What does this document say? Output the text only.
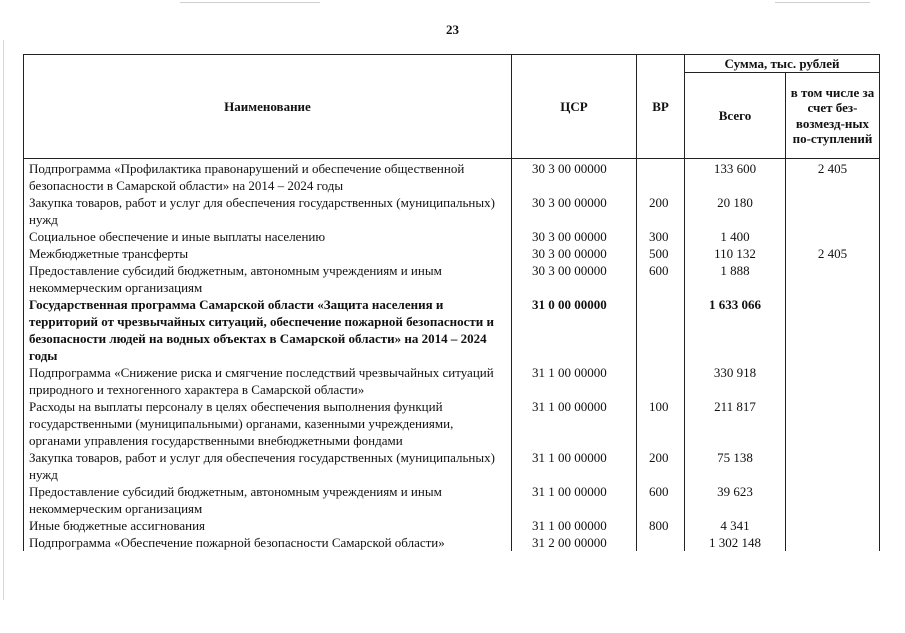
23
Наименование	ЦСР	ВР	Сумма, тыс. рублей	
			Всего	в том числе за счет без-возмезд-ных по-ступлений
Подпрограмма «Профилактика правонарушений и обеспечение общественной безопасности в Самарской области» на 2014 – 2024 годы	30 3 00 00000		133 600	2 405
Закупка товаров, работ и услуг для обеспечения государственных (муниципальных) нужд	30 3 00 00000	200	20 180	
Социальное обеспечение и иные выплаты населению	30 3 00 00000	300	1 400	
Межбюджетные трансферты	30 3 00 00000	500	110 132	2 405
Предоставление субсидий бюджетным, автономным учреждениям и иным некоммерческим организациям	30 3 00 00000	600	1 888	
Государственная программа Самарской области «Защита населения и территорий от чрезвычайных ситуаций, обеспечение пожарной безопасности и безопасности людей на водных объектах в Самарской области» на 2014 – 2024 годы	31 0 00 00000		1 633 066	
Подпрограмма «Снижение риска и смягчение последствий чрезвычайных ситуаций природного и техногенного характера в Самарской области»	31 1 00 00000		330 918	
Расходы на выплаты персоналу в целях обеспечения выполнения функций государственными (муниципальными) органами, казенными учреждениями, органами управления государственными внебюджетными фондами	31 1 00 00000	100	211 817	
Закупка товаров, работ и услуг для обеспечения государственных (муниципальных) нужд	31 1 00 00000	200	75 138	
Предоставление субсидий бюджетным, автономным учреждениям и иным некоммерческим организациям	31 1 00 00000	600	39 623	
Иные бюджетные ассигнования	31 1 00 00000	800	4 341	
Подпрограмма «Обеспечение пожарной безопасности Самарской области»	31 2 00 00000		1 302 148	
